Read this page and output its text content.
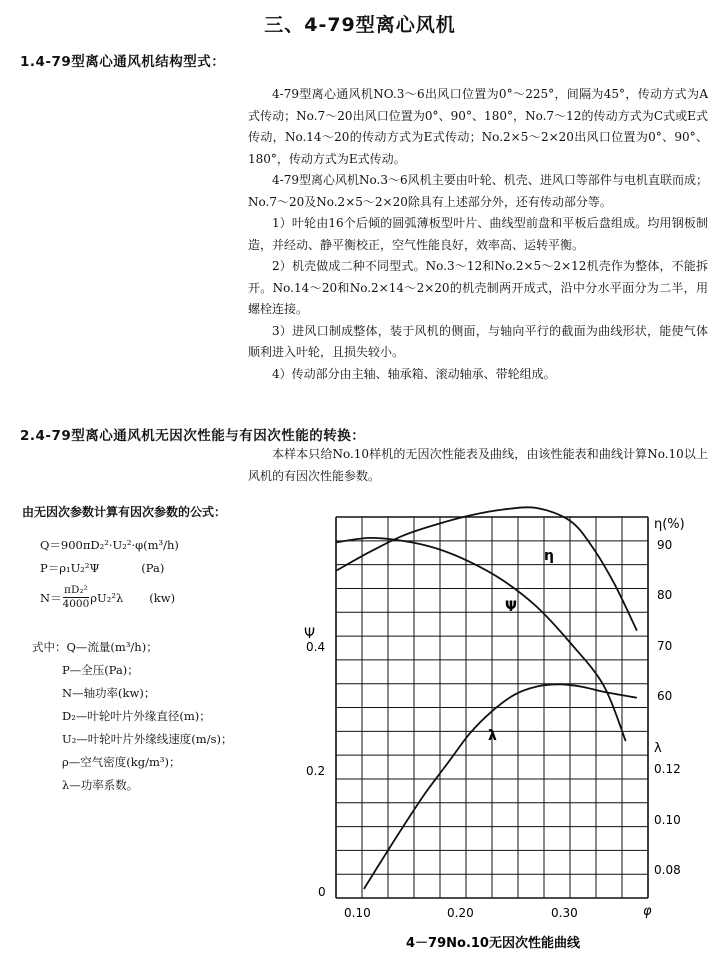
三、4-79型离心风机
1.4-79型离心通风机结构型式：

4-79型离心通风机NO.3～6出风口位置为0°～225°，间隔为45°，传动方式为A式传动；No.7～20出风口位置为0°、90°、180°，No.7～12的传动方式为C式或E式传动，No.14～20的传动方式为E式传动；No.2×5～2×20出风口位置为0°、90°、180°，传动方式为E式传动。

4-79型离心风机No.3～6风机主要由叶轮、机壳、进风口等部件与电机直联而成；No.7～20及No.2×5～2×20除具有上述部分外，还有传动部分等。

1）叶轮由16个后倾的圆弧薄板型叶片、曲线型前盘和平板后盘组成。均用钢板制造，并经动、静平衡校正，空气性能良好，效率高、运转平衡。

2）机壳做成二种不同型式。No.3～12和No.2×5～2×12机壳作为整体，不能拆开。No.14～20和No.2×14～2×20的机壳制两开成式，沿中分水平面分为二半，用螺栓连接。

3）进风口制成整体，装于风机的侧面，与轴向平行的截面为曲线形状，能使气体顺利进入叶轮，且损失较小。

4）传动部分由主轴、轴承箱、滚动轴承、带轮组成。

2.4-79型离心通风机无因次性能与有因次性能的转换：

本样本只给No.10样机的无因次性能表及曲线，由该性能表和曲线计算No.10以上风机的有因次性能参数。

由无因次参数计算有因次参数的公式：
Q＝900πD₂²·U₂²·φ(m³/h)
P＝ρ₁U₂²Ψ	(Pa)
$N= \frac{\text{πD₂²}}{4000} \rho U_2^2\lambda$ (kw)
式中：Q—流量(m³/h)；
P—全压(Pa)；
N—轴功率(kw)；
D₂—叶轮叶片外缘直径(m)；
U₂—叶轮叶片外缘线速度(m/s)；
ρ—空气密度(kg/m³)；
λ—功率系数。
Ψ
0.4
0.2
0
η(%)
90
80
70
60
λ
0.12
0.10
0.08
0.10	0.20	0.30	φ
4－79No.10无因次性能曲线
η
Ψ
λ
